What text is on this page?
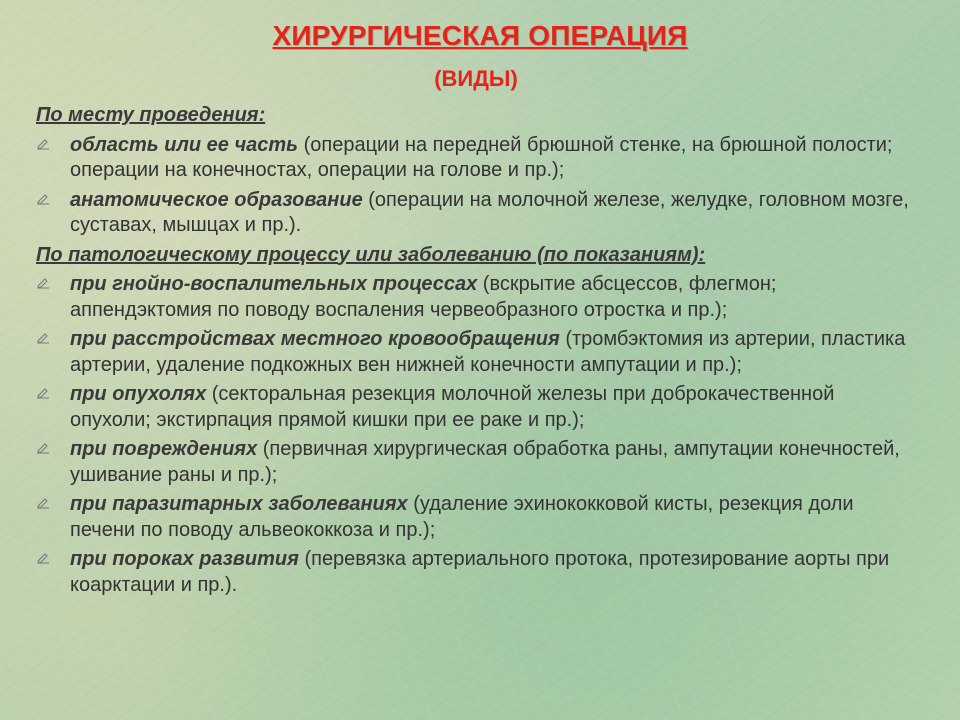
ХИРУРГИЧЕСКАЯ ОПЕРАЦИЯ
(ВИДЫ)
По месту проведения:
область или ее часть (операции на передней брюшной стенке, на брюшной полости; операции на конечностах, операции на голове и пр.);
анатомическое образование (операции на молочной железе, желудке, головном мозге, суставах, мышцах и пр.).
По патологическому процессу или заболеванию (по показаниям):
при гнойно-воспалительных процессах (вскрытие абсцессов, флегмон; аппендэктомия по поводу воспаления червеобразного отростка и пр.);
при расстройствах местного кровообращения (тромбэктомия из артерии, пластика артерии, удаление подкожных вен нижней конечности ампутации и пр.);
при опухолях (секторальная резекция молочной железы при доброкачественной опухоли; экстирпация прямой кишки при ее раке и пр.);
при повреждениях (первичная хирургическая обработка раны, ампутации конечностей, ушивание раны и пр.);
при паразитарных заболеваниях (удаление эхинококковой кисты, резекция доли печени по поводу альвеококкоза и пр.);
при пороках развития (перевязка артериального протока, протезирование аорты при коарктации и пр.).
